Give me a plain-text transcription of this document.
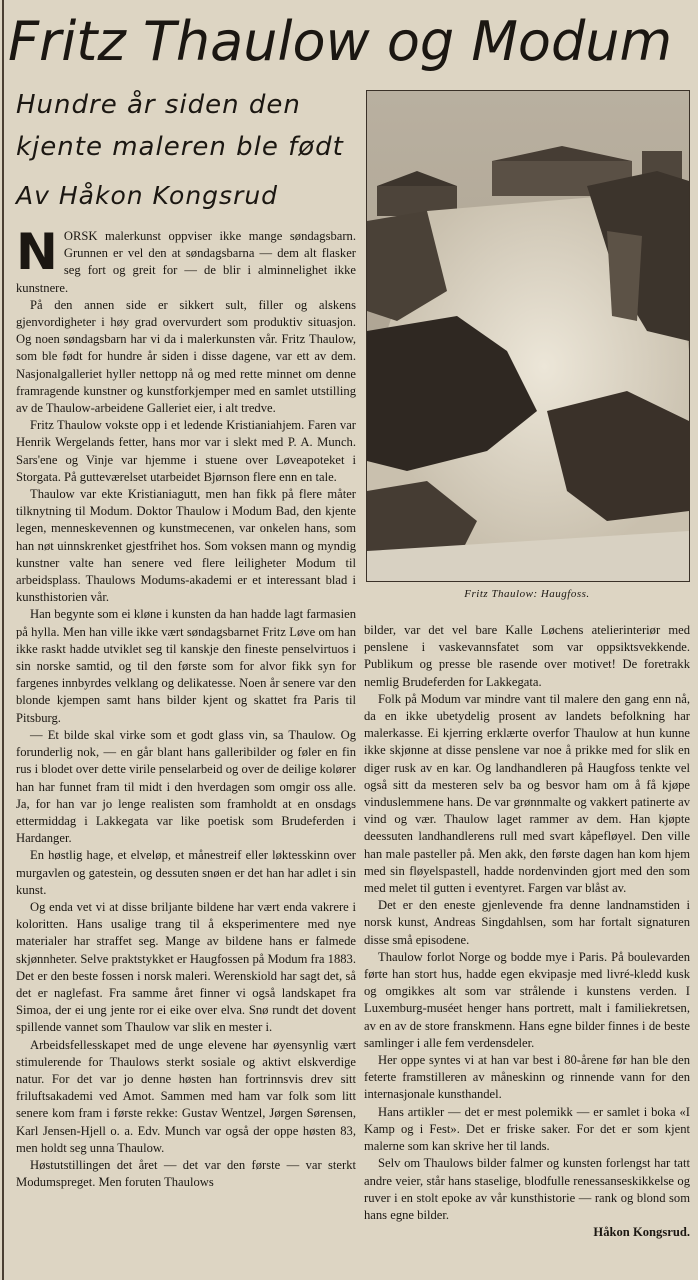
Fritz Thaulow og Modum
Hundre år siden den kjente maleren ble født
Av Håkon Kongsrud
Fritz Thaulow: Haugfoss.

NORSK malerkunst oppviser ikke mange søndagsbarn. Grunnen er vel den at søndagsbarna — dem alt flasker seg fort og greit for — de blir i alminnelighet ikke kunstnere.

På den annen side er sikkert sult, filler og alskens gjenvordigheter i høy grad overvurdert som produktiv situasjon. Og noen søndagsbarn har vi da i malerkunsten vår. Fritz Thaulow, som ble født for hundre år siden i disse dagene, var ett av dem. Nasjonalgalleriet hyller nettopp nå og med rette minnet om denne framragende kunstner og kunstforkjemper med en samlet utstilling av de Thaulow-arbeidene Galleriet eier, i alt tredve.

Fritz Thaulow vokste opp i et ledende Kristianiahjem. Faren var Henrik Wergelands fetter, hans mor var i slekt med P. A. Munch. Sars'ene og Vinje var hjemme i stuene over Løveapoteket i Storgata. På gutteværelset utarbeidet Bjørnson flere enn en tale.

Thaulow var ekte Kristianiagutt, men han fikk på flere måter tilknytning til Modum. Doktor Thaulow i Modum Bad, den kjente legen, menneskevennen og kunstmecenen, var onkelen hans, som han nøt uinnskrenket gjestfrihet hos. Som voksen mann og myndig kunstner valte han senere ved flere leiligheter Modum til arbeidsplass. Thaulows Modums-akademi er et interessant blad i kunsthistorien vår.

Han begynte som ei kløne i kunsten da han hadde lagt farmasien på hylla. Men han ville ikke vært søndagsbarnet Fritz Løve om han ikke raskt hadde utviklet seg til kanskje den fineste penselvirtuos i sin norske samtid, og til den første som for alvor fikk syn for fargenes innbyrdes velklang og delikatesse. Noen år senere var den blonde kjempen samt hans bilder kjent og skattet fra Paris til Pitsburg.

— Et bilde skal virke som et godt glass vin, sa Thaulow. Og forunderlig nok, — en går blant hans galleribilder og føler en fin rus i blodet over dette virile penselarbeid og over de deilige kolører han har funnet fram til midt i den hverdagen som omgir oss alle. Ja, for han var jo lenge realisten som framholdt at en onsdags ettermiddag i Lakkegata var like poetisk som Brudeferden i Hardanger.

En høstlig hage, et elveløp, et månestreif eller løktesskinn over murgavlen og gatestein, og dessuten snøen er det han har adlet i sin kunst.

Og enda vet vi at disse briljante bildene har vært enda vakrere i koloritten. Hans usalige trang til å eksperimentere med nye materialer har straffet seg. Mange av bildene hans er falmede skjønnheter. Selve praktstykket er Haugfossen på Modum fra 1883. Det er den beste fossen i norsk maleri. Werenskiold har sagt det, så det er naglefast. Fra samme året finner vi også landskapet fra Simoa, der ei ung jente ror ei eike over elva. Snø rundt det dovent spillende vannet som Thaulow var slik en mester i.

Arbeidsfellesskapet med de unge elevene har øyensynlig vært stimulerende for Thaulows sterkt sosiale og aktivt elskverdige natur. For det var jo denne høsten han fortrinnsvis drev sitt friluftsakademi ved Amot. Sammen med ham var folk som litt senere kom fram i første rekke: Gustav Wentzel, Jørgen Sørensen, Karl Jensen-Hjell o. a. Edv. Munch var også der oppe høsten 83, men holdt seg unna Thaulow.

Høstutstillingen det året — det var den første — var sterkt Modumspreget. Men foruten Thaulows

bilder, var det vel bare Kalle Løchens atelierinteriør med penslene i vaskevannsfatet som var oppsiktsvekkende. Publikum og presse ble rasende over motivet! De foretrakk nemlig Brudeferden for Lakkegata.

Folk på Modum var mindre vant til malere den gang enn nå, da en ikke ubetydelig prosent av landets befolkning har malerkasse. Ei kjerring erklærte overfor Thaulow at hun kunne ikke skjønne at disse penslene var noe å prikke med for slik en diger rusk av en kar. Og landhandleren på Haugfoss tenkte vel også sitt da mesteren selv ba og besvor ham om å få kjøpe vinduslemmene hans. De var grønnmalte og vakkert patinerte av vind og vær. Thaulow laget rammer av dem. Han kjøpte deessuten landhandlerens rull med svart kåpefløyel. Den ville han male pasteller på. Men akk, den første dagen han kom hjem med sin fløyelspastell, hadde nordenvinden gjort med den som med melet til gutten i eventyret. Fargen var blåst av.

Det er den eneste gjenlevende fra denne landnamstiden i norsk kunst, Andreas Singdahlsen, som har fortalt signaturen disse små episodene.

Thaulow forlot Norge og bodde mye i Paris. På boulevarden førte han stort hus, hadde egen ekvipasje med livré-kledd kusk og omgikkes alt som var strålende i kunstens verden. I Luxemburg-muséet henger hans portrett, malt i familiekretsen, av en av de store franskmenn. Hans egne bilder finnes i de beste samlinger i alle fem verdensdeler.

Her oppe syntes vi at han var best i 80-årene før han ble den feterte framstilleren av måneskinn og rinnende vann for den internasjonale kunsthandel.

Hans artikler — det er mest polemikk — er samlet i boka «I Kamp og i Fest». Det er friske saker. For det er som kjent malerne som kan skrive her til lands.

Selv om Thaulows bilder falmer og kunsten forlengst har tatt andre veier, står hans staselige, blodfulle renessanseskikkelse og ruver i en stolt epoke av vår kunsthistorie — rank og blond som hans egne bilder.

Håkon Kongsrud.
